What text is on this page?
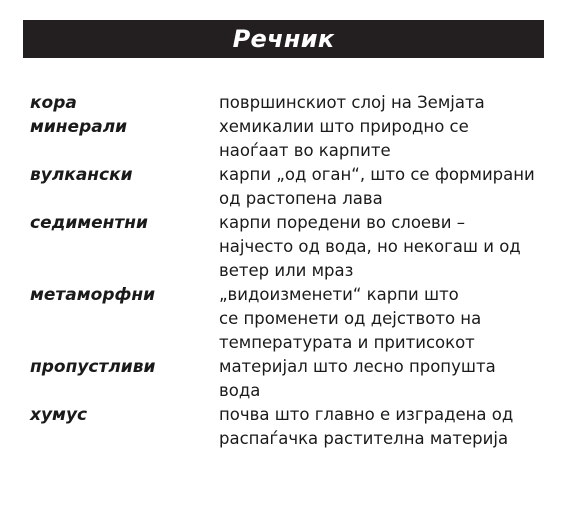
Речник
кора	површинскиот слој на Земјата
минерали	хемикалии што природно се
наоѓаат во карпите
вулкански	карпи „од оган“, што се формирани
од растопена лава
седиментни	карпи поредени во слоеви –
најчесто од вода, но некогаш и од
ветер или мраз
метаморфни	„видоизменети“ карпи што
се променети од дејството на
температурата и притисокот
пропустливи	материјал што лесно пропушта
вода
хумус	почва што главно е изградена од
распаѓачка растителна материја
